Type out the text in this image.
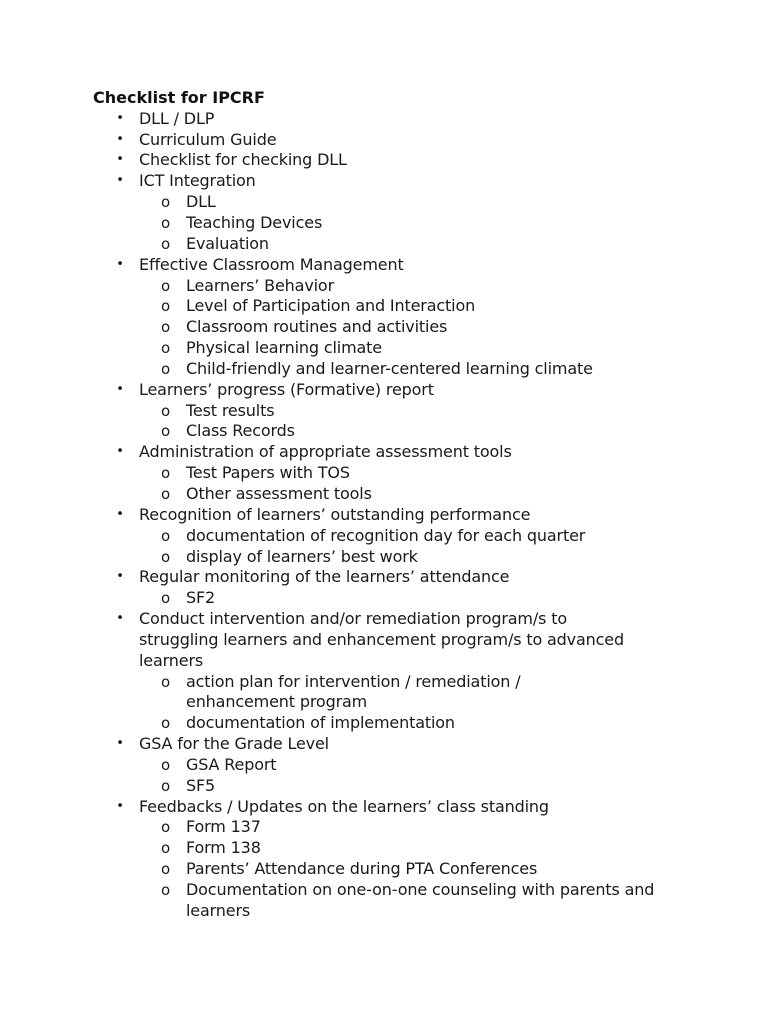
Checklist for IPCRF
• DLL / DLP
• Curriculum Guide
• Checklist for checking DLL
• ICT Integration
o DLL
o Teaching Devices
o Evaluation
• Effective Classroom Management
o Learners’ Behavior
o Level of Participation and Interaction
o Classroom routines and activities
o Physical learning climate
o Child-friendly and learner-centered learning climate
• Learners’ progress (Formative) report
o Test results
o Class Records
• Administration of appropriate assessment tools
o Test Papers with TOS
o Other assessment tools
• Recognition of learners’ outstanding performance
o documentation of recognition day for each quarter
o display of learners’ best work
• Regular monitoring of the learners’ attendance
o SF2
• Conduct intervention and/or remediation program/s to struggling learners and enhancement program/s to advanced learners
o action plan for intervention / remediation / enhancement program
o documentation of implementation
• GSA for the Grade Level
o GSA Report
o SF5
• Feedbacks / Updates on the learners’ class standing
o Form 137
o Form 138
o Parents’ Attendance during PTA Conferences
o Documentation on one-on-one counseling with parents and learners
